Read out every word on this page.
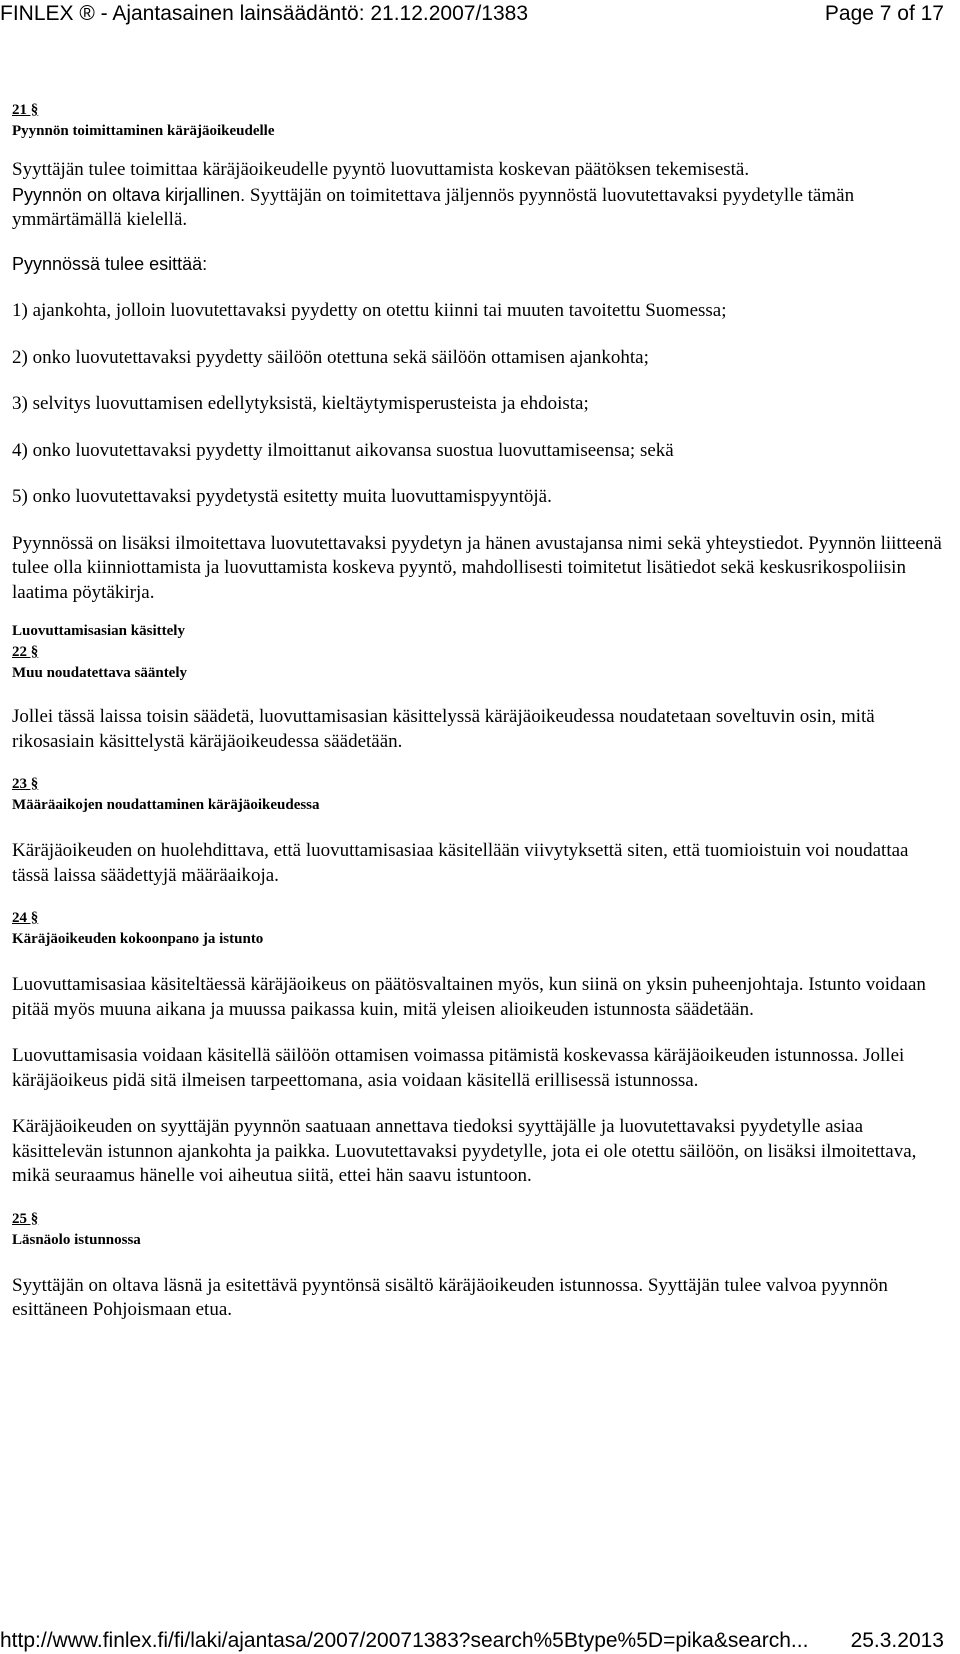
FINLEX ® - Ajantasainen lainsäädäntö: 21.12.2007/1383	Page 7 of 17
21 §
Pyynnön toimittaminen käräjäoikeudelle

Syyttäjän tulee toimittaa käräjäoikeudelle pyyntö luovuttamista koskevan päätöksen tekemisestä.
Pyynnön on oltava kirjallinen. Syyttäjän on toimitettava jäljennös pyynnöstä luovutettavaksi pyydetylle tämän ymmärtämällä kielellä.

Pyynnössä tulee esittää:

1) ajankohta, jolloin luovutettavaksi pyydetty on otettu kiinni tai muuten tavoitettu Suomessa;

2) onko luovutettavaksi pyydetty säilöön otettuna sekä säilöön ottamisen ajankohta;

3) selvitys luovuttamisen edellytyksistä, kieltäytymisperusteista ja ehdoista;

4) onko luovutettavaksi pyydetty ilmoittanut aikovansa suostua luovuttamiseensa; sekä

5) onko luovutettavaksi pyydetystä esitetty muita luovuttamispyyntöjä.

Pyynnössä on lisäksi ilmoitettava luovutettavaksi pyydetyn ja hänen avustajansa nimi sekä yhteystiedot. Pyynnön liitteenä tulee olla kiinniottamista ja luovuttamista koskeva pyyntö, mahdollisesti toimitetut lisätiedot sekä keskusrikospoliisin laatima pöytäkirja.

Luovuttamisasian käsittely
22 §
Muu noudatettava sääntely

Jollei tässä laissa toisin säädetä, luovuttamisasian käsittelyssä käräjäoikeudessa noudatetaan soveltuvin osin, mitä rikosasiain käsittelystä käräjäoikeudessa säädetään.

23 §
Määräaikojen noudattaminen käräjäoikeudessa

Käräjäoikeuden on huolehdittava, että luovuttamisasiaa käsitellään viivytyksettä siten, että tuomioistuin voi noudattaa tässä laissa säädettyjä määräaikoja.

24 §
Käräjäoikeuden kokoonpano ja istunto

Luovuttamisasiaa käsiteltäessä käräjäoikeus on päätösvaltainen myös, kun siinä on yksin puheenjohtaja. Istunto voidaan pitää myös muuna aikana ja muussa paikassa kuin, mitä yleisen alioikeuden istunnosta säädetään.

Luovuttamisasia voidaan käsitellä säilöön ottamisen voimassa pitämistä koskevassa käräjäoikeuden istunnossa. Jollei käräjäoikeus pidä sitä ilmeisen tarpeettomana, asia voidaan käsitellä erillisessä istunnossa.

Käräjäoikeuden on syyttäjän pyynnön saatuaan annettava tiedoksi syyttäjälle ja luovutettavaksi pyydetylle asiaa käsittelevän istunnon ajankohta ja paikka. Luovutettavaksi pyydetylle, jota ei ole otettu säilöön, on lisäksi ilmoitettava, mikä seuraamus hänelle voi aiheutua siitä, ettei hän saavu istuntoon.

25 §
Läsnäolo istunnossa

Syyttäjän on oltava läsnä ja esitettävä pyyntönsä sisältö käräjäoikeuden istunnossa. Syyttäjän tulee valvoa pyynnön esittäneen Pohjoismaan etua.

http://www.finlex.fi/fi/laki/ajantasa/2007/20071383?search%5Btype%5D=pika&search... 25.3.2013
